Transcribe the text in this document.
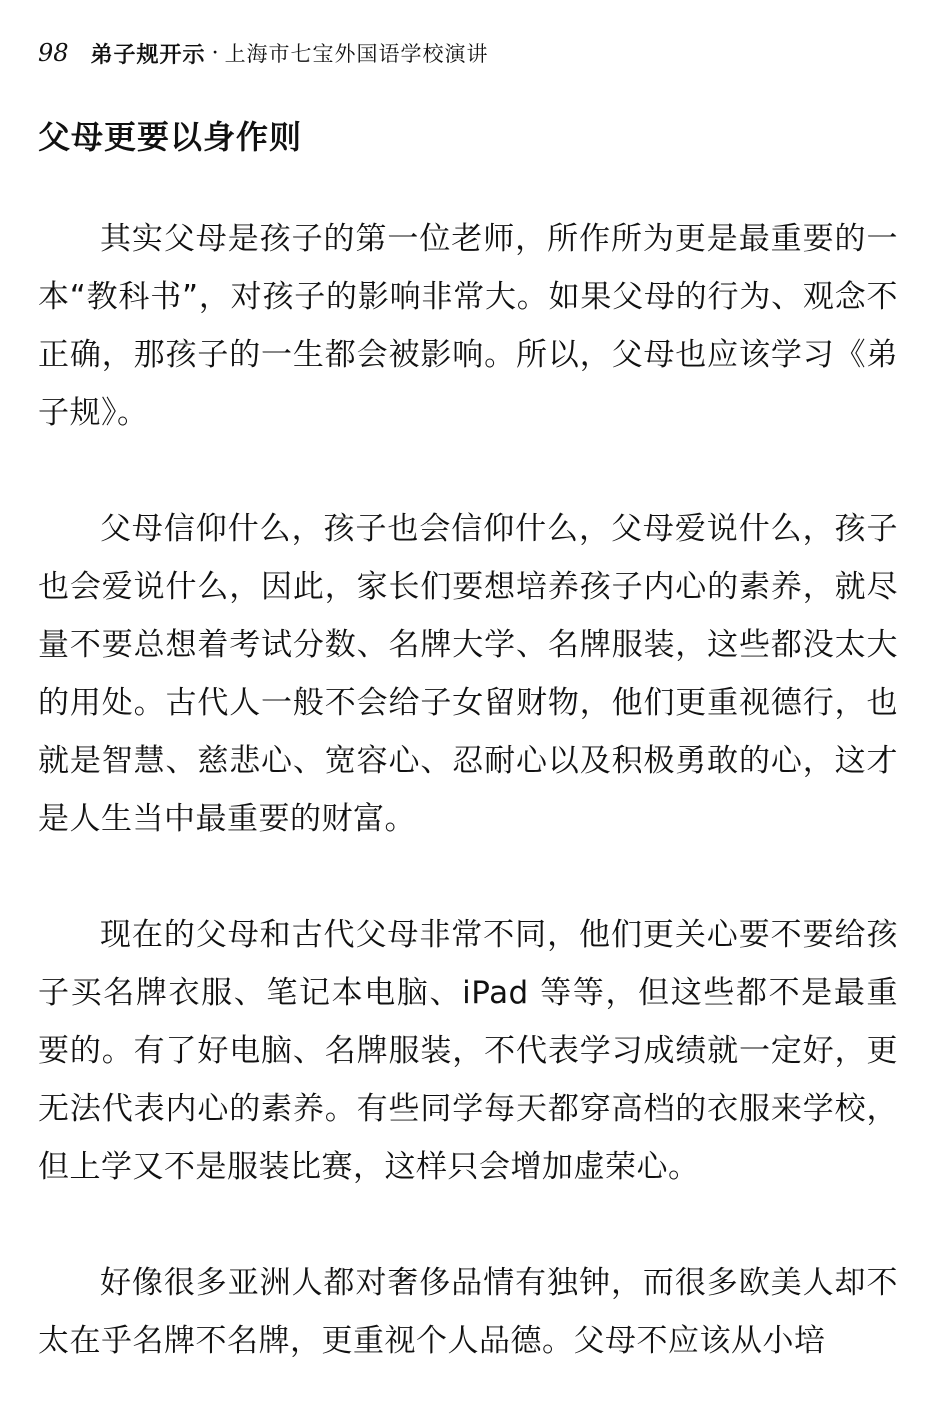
98 弟子规开示 · 上海市七宝外国语学校演讲
父母更要以身作则

其实父母是孩子的第一位老师，所作所为更是最重要的一本“教科书”，对孩子的影响非常大。如果父母的行为、观念不正确，那孩子的一生都会被影响。所以，父母也应该学习《弟子规》。

父母信仰什么，孩子也会信仰什么，父母爱说什么，孩子也会爱说什么，因此，家长们要想培养孩子内心的素养，就尽量不要总想着考试分数、名牌大学、名牌服装，这些都没太大的用处。古代人一般不会给子女留财物，他们更重视德行，也就是智慧、慈悲心、宽容心、忍耐心以及积极勇敢的心，这才是人生当中最重要的财富。

现在的父母和古代父母非常不同，他们更关心要不要给孩子买名牌衣服、笔记本电脑、iPad 等等，但这些都不是最重要的。有了好电脑、名牌服装，不代表学习成绩就一定好，更无法代表内心的素养。有些同学每天都穿高档的衣服来学校，但上学又不是服装比赛，这样只会增加虚荣心。

好像很多亚洲人都对奢侈品情有独钟，而很多欧美人却不太在乎名牌不名牌，更重视个人品德。父母不应该从小培
